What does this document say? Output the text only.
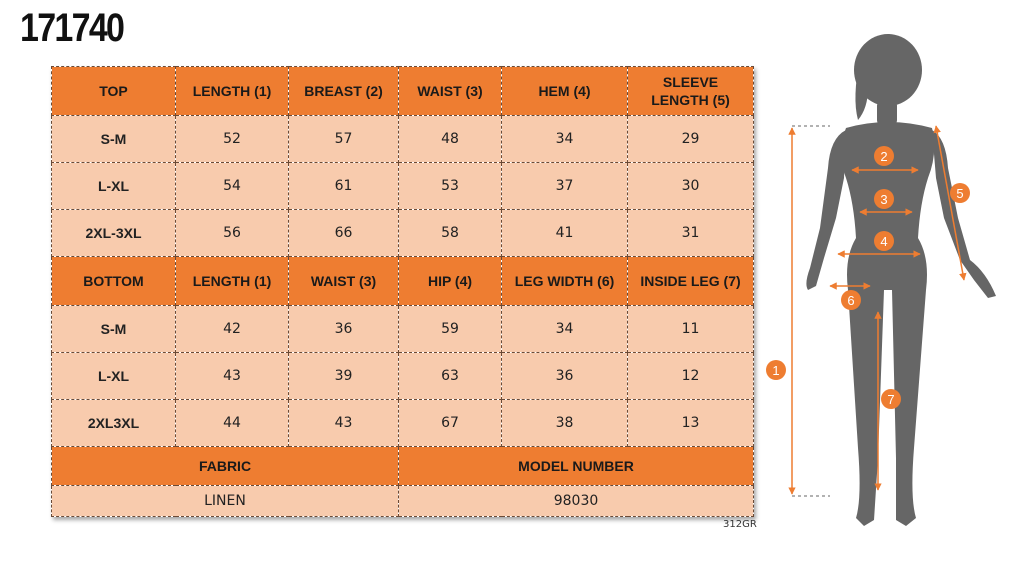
171740
TOP	LENGTH (1)	BREAST (2)	WAIST (3)	HEM (4)	SLEEVE LENGTH (5)

S-M	52	57	48	34	29
L-XL	54	61	53	37	30
2XL-3XL	56	66	58	41	31
BOTTOM	LENGTH (1)	WAIST (3)	HIP (4)	LEG WIDTH (6)	INSIDE LEG (7)
S-M	42	36	59	34	11
L-XL	43	39	63	36	12
2XL3XL	44	43	67	38	13
FABRIC			MODEL NUMBER		
LINEN			98030		
312GR
1
2
3
4
5
6
7
